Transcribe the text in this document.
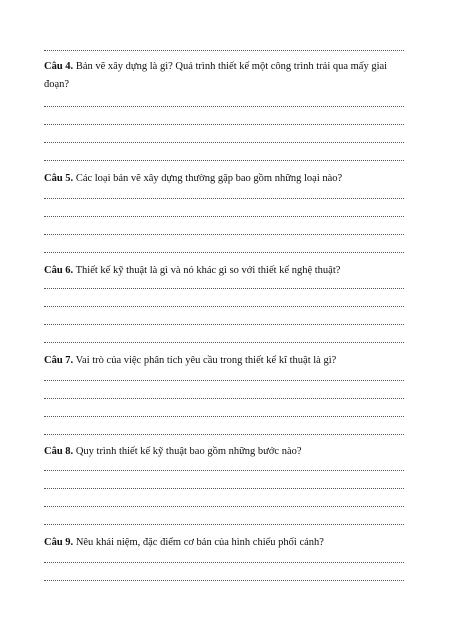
Câu 4. Bản vẽ xây dựng là gì? Quá trình thiết kế một công trình trải qua mấy giai đoạn?
Câu 5. Các loại bản vẽ xây dựng thường gặp bao gồm những loại nào?
Câu 6. Thiết kế kỹ thuật là gì và nó khác gì so với thiết kế nghệ thuật?
Câu 7. Vai trò của việc phân tích yêu cầu trong thiết kế kĩ thuật là gì?
Câu 8. Quy trình thiết kế kỹ thuật bao gồm những bước nào?
Câu 9. Nêu khái niệm, đặc điểm cơ bản của hình chiếu phối cảnh?
